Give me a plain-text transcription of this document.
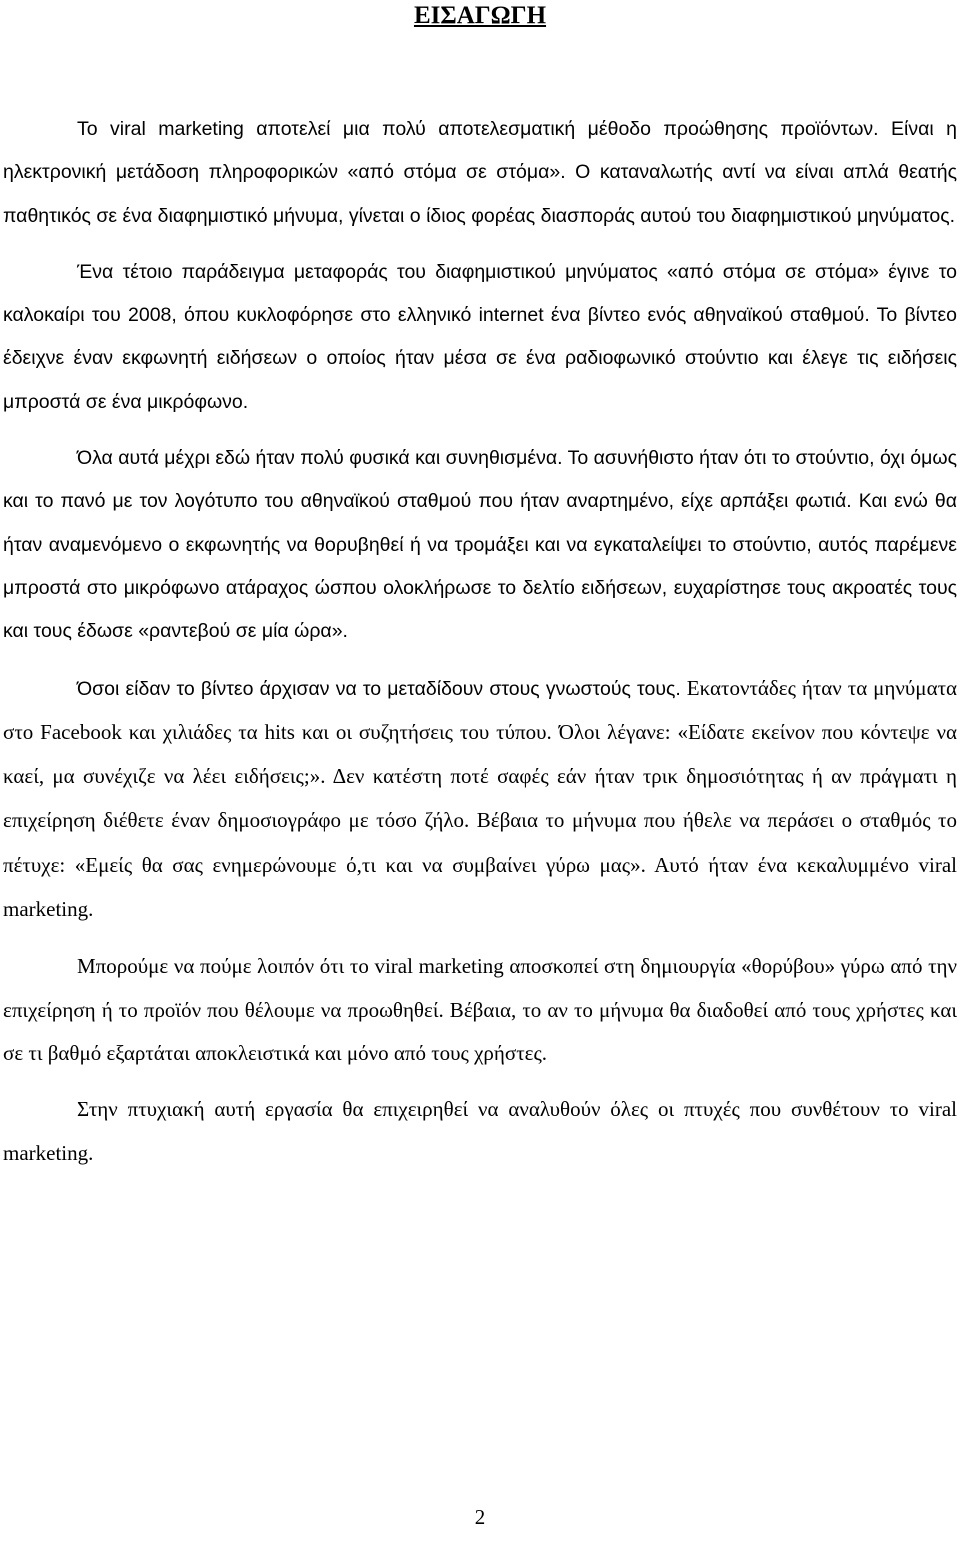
ΕΙΣΑΓΩΓΗ

Το viral marketing αποτελεί μια πολύ αποτελεσματική μέθοδο προώθησης προϊόντων. Είναι η ηλεκτρονική μετάδοση πληροφορικών «από στόμα σε στόμα». Ο καταναλωτής αντί να είναι απλά θεατής παθητικός σε ένα διαφημιστικό μήνυμα, γίνεται ο ίδιος φορέας διασποράς αυτού του διαφημιστικού μηνύματος.

Ένα τέτοιο παράδειγμα μεταφοράς του διαφημιστικού μηνύματος «από στόμα σε στόμα» έγινε το καλοκαίρι του 2008, όπου κυκλοφόρησε στο ελληνικό internet ένα βίντεο ενός αθηναϊκού σταθμού. Το βίντεο έδειχνε έναν εκφωνητή ειδήσεων ο οποίος ήταν μέσα σε ένα ραδιοφωνικό στούντιο και έλεγε τις ειδήσεις μπροστά σε ένα μικρόφωνο.

Όλα αυτά μέχρι εδώ ήταν πολύ φυσικά και συνηθισμένα. Το ασυνήθιστο ήταν ότι το στούντιο, όχι όμως και το πανό με τον λογότυπο του αθηναϊκού σταθμού που ήταν αναρτημένο, είχε αρπάξει φωτιά. Και ενώ θα ήταν αναμενόμενο ο εκφωνητής να θορυβηθεί ή να τρομάξει και να εγκαταλείψει το στούντιο, αυτός παρέμενε μπροστά στο μικρόφωνο ατάραχος ώσπου ολοκλήρωσε το δελτίο ειδήσεων, ευχαρίστησε τους ακροατές τους και τους έδωσε «ραντεβού σε μία ώρα».

Όσοι είδαν το βίντεο άρχισαν να το μεταδίδουν στους γνωστούς τους. Εκατοντάδες ήταν τα μηνύματα στο Facebook και χιλιάδες τα hits και οι συζητήσεις του τύπου. Όλοι λέγανε: «Είδατε εκείνον που κόντεψε να καεί, μα συνέχιζε να λέει ειδήσεις;». Δεν κατέστη ποτέ σαφές εάν ήταν τρικ δημοσιότητας ή αν πράγματι η επιχείρηση διέθετε έναν δημοσιογράφο με τόσο ζήλο. Βέβαια το μήνυμα που ήθελε να περάσει ο σταθμός το πέτυχε: «Εμείς θα σας ενημερώνουμε ό,τι και να συμβαίνει γύρω μας». Αυτό ήταν ένα κεκαλυμμένο viral marketing.

Μπορούμε να πούμε λοιπόν ότι το viral marketing αποσκοπεί στη δημιουργία «θορύβου» γύρω από την επιχείρηση ή το προϊόν που θέλουμε να προωθηθεί. Βέβαια, το αν το μήνυμα θα διαδοθεί από τους χρήστες και σε τι βαθμό εξαρτάται αποκλειστικά και μόνο από τους χρήστες.

Στην πτυχιακή αυτή εργασία θα επιχειρηθεί να αναλυθούν όλες οι πτυχές που συνθέτουν το viral marketing.

2
